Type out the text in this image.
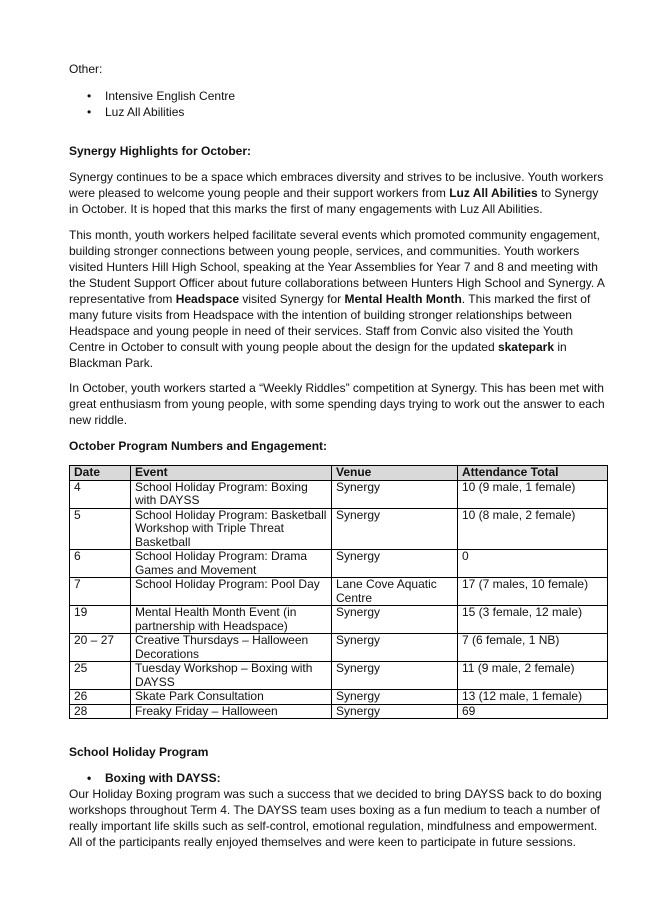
Other:

• Intensive English Centre
• Luz All Abilities
Synergy Highlights for October:

Synergy continues to be a space which embraces diversity and strives to be inclusive. Youth workers were pleased to welcome young people and their support workers from Luz All Abilities to Synergy in October. It is hoped that this marks the first of many engagements with Luz All Abilities.

This month, youth workers helped facilitate several events which promoted community engagement, building stronger connections between young people, services, and communities. Youth workers visited Hunters Hill High School, speaking at the Year Assemblies for Year 7 and 8 and meeting with the Student Support Officer about future collaborations between Hunters High School and Synergy. A representative from Headspace visited Synergy for Mental Health Month. This marked the first of many future visits from Headspace with the intention of building stronger relationships between Headspace and young people in need of their services. Staff from Convic also visited the Youth Centre in October to consult with young people about the design for the updated skatepark in Blackman Park.

In October, youth workers started a “Weekly Riddles” competition at Synergy. This has been met with great enthusiasm from young people, with some spending days trying to work out the answer to each new riddle.

October Program Numbers and Engagement:
Date	Event	Venue	Attendance Total
4	School Holiday Program: Boxing with DAYSS	Synergy	10 (9 male, 1 female)
5	School Holiday Program: Basketball Workshop with Triple Threat Basketball	Synergy	10 (8 male, 2 female)
6	School Holiday Program: Drama Games and Movement	Synergy	0
7	School Holiday Program: Pool Day	Lane Cove Aquatic Centre	17 (7 males, 10 female)
19	Mental Health Month Event (in partnership with Headspace)	Synergy	15 (3 female, 12 male)
20 – 27	Creative Thursdays – Halloween Decorations	Synergy	7 (6 female, 1 NB)
25	Tuesday Workshop – Boxing with DAYSS	Synergy	11 (9 male, 2 female)
26	Skate Park Consultation	Synergy	13 (12 male, 1 female)
28	Freaky Friday – Halloween	Synergy	69
School Holiday Program
• Boxing with DAYSS:

Our Holiday Boxing program was such a success that we decided to bring DAYSS back to do boxing workshops throughout Term 4. The DAYSS team uses boxing as a fun medium to teach a number of really important life skills such as self-control, emotional regulation, mindfulness and empowerment. All of the participants really enjoyed themselves and were keen to participate in future sessions.
